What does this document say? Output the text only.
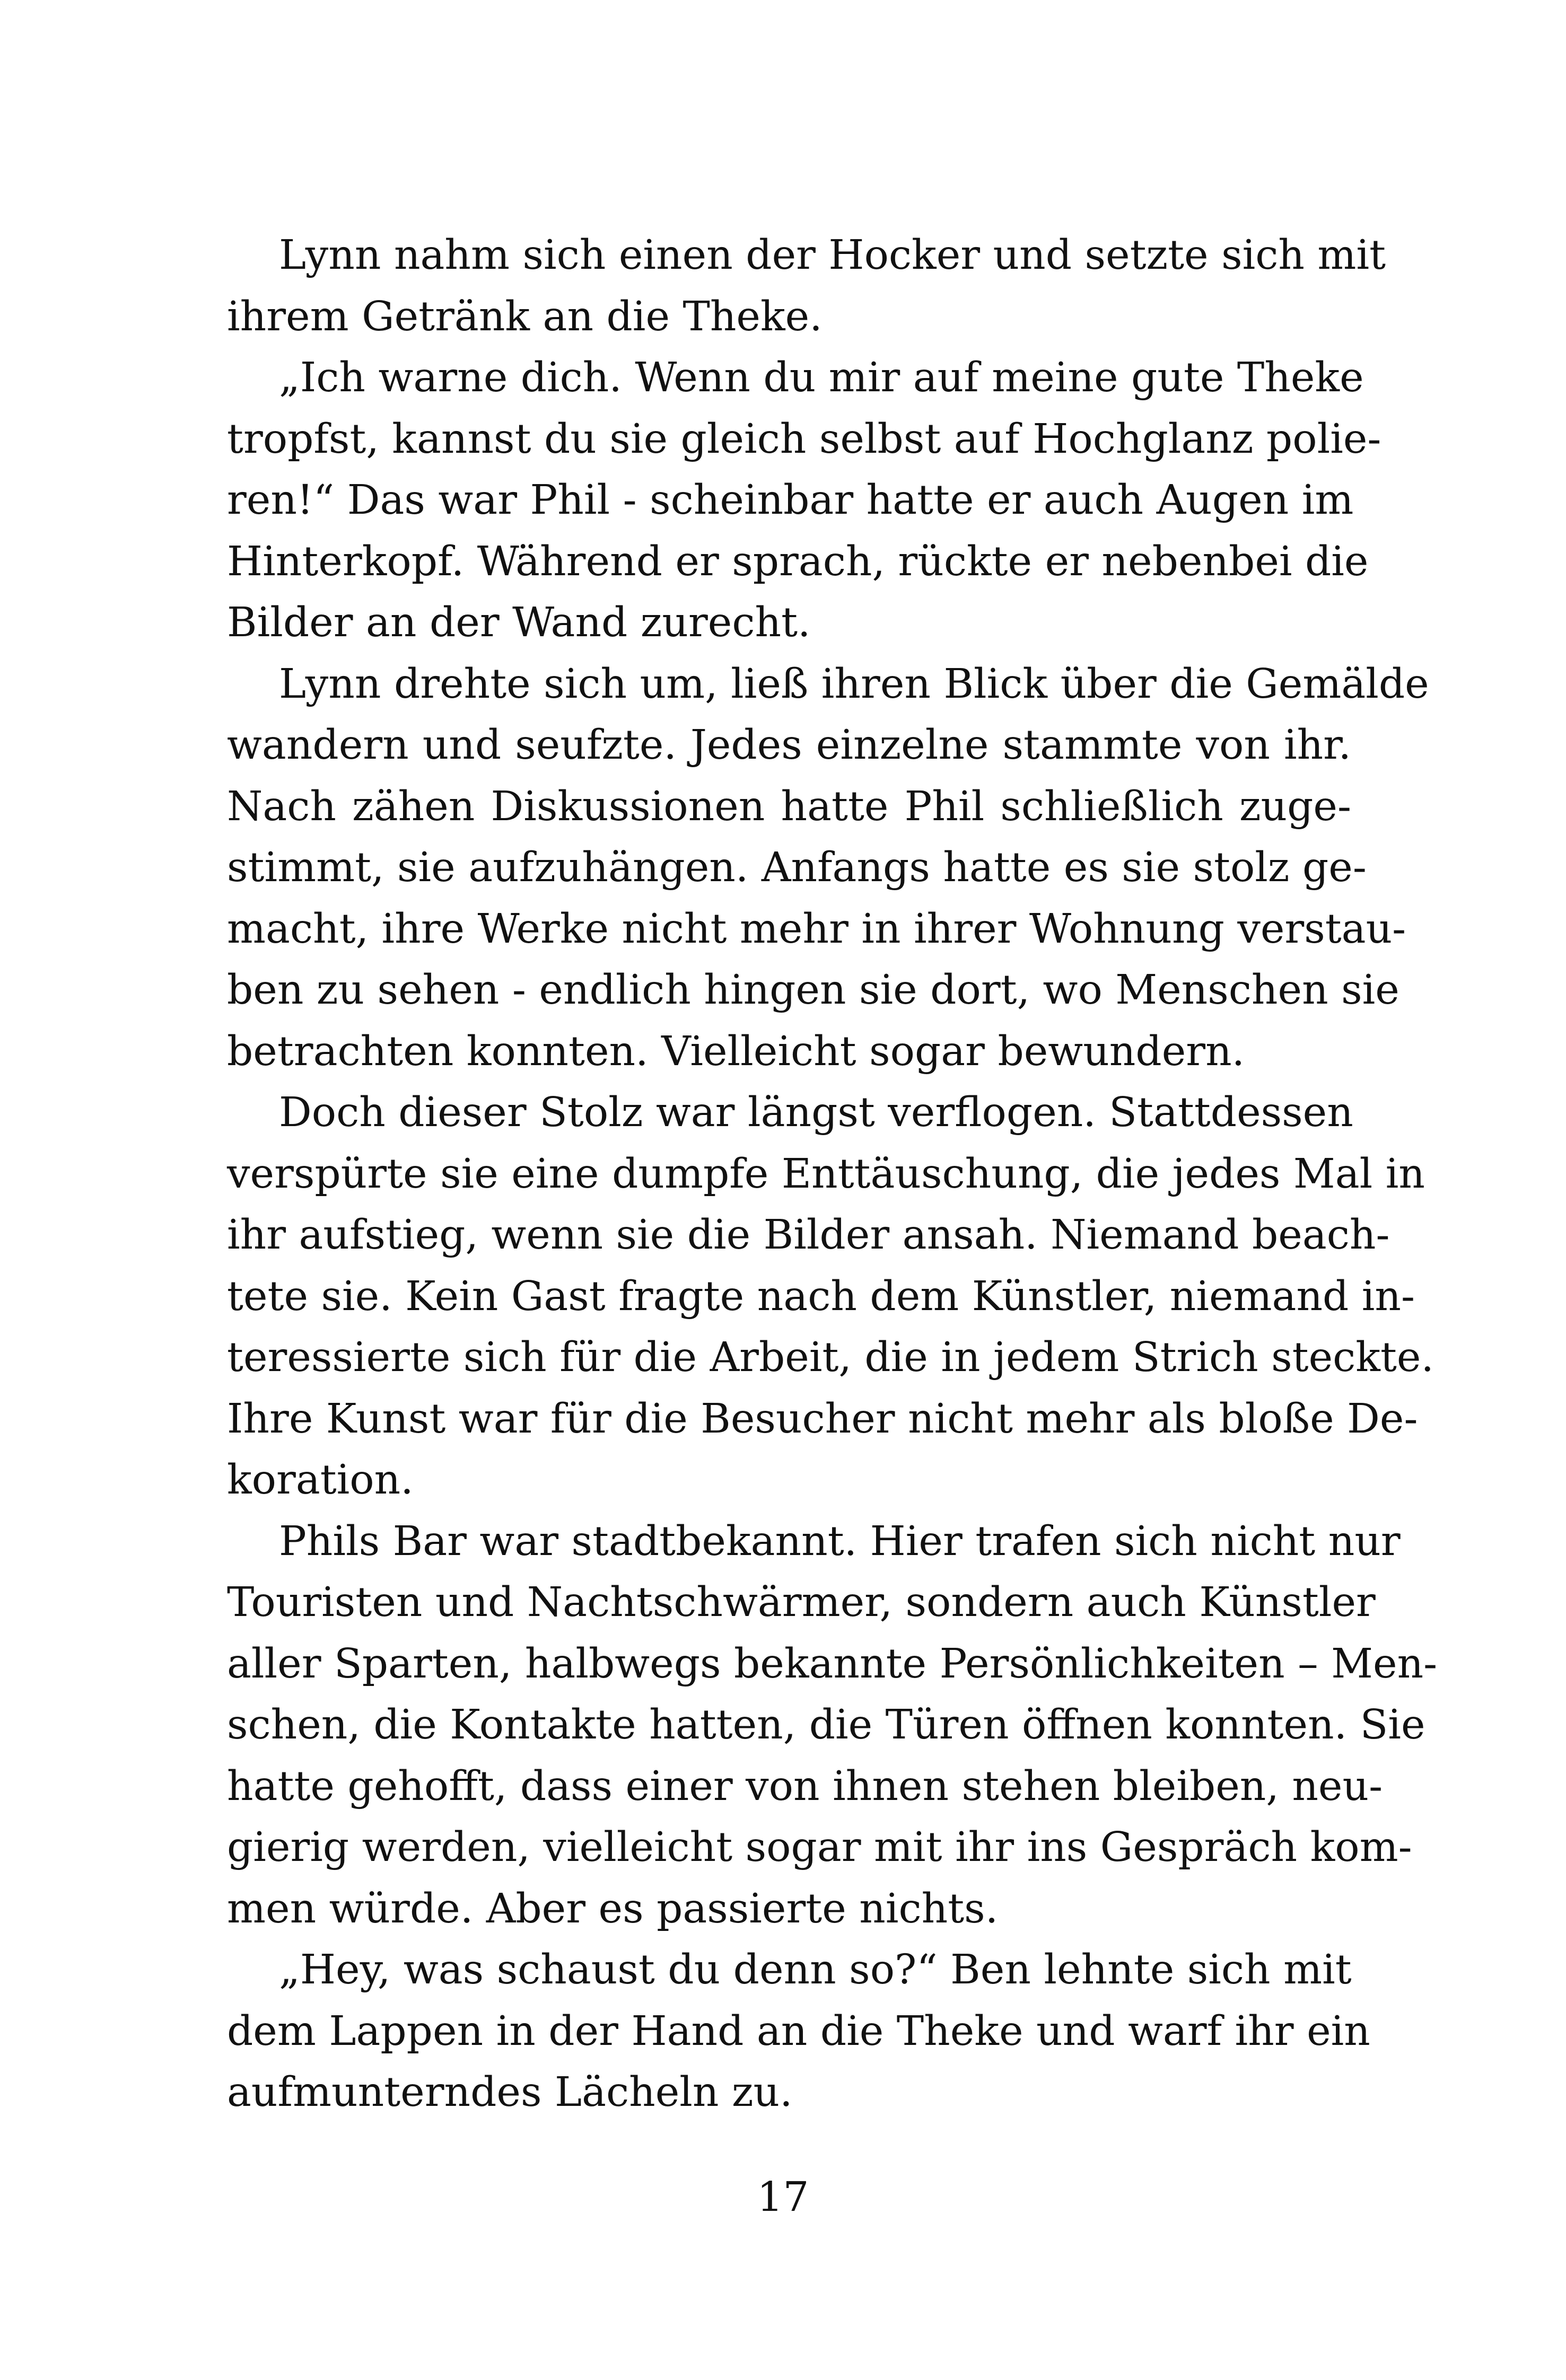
Lynn nahm sich einen der Hocker und setzte sich mit
ihrem Getränk an die Theke.
„Ich warne dich. Wenn du mir auf meine gute Theke
tropfst, kannst du sie gleich selbst auf Hochglanz polie-
ren!“ Das war Phil - scheinbar hatte er auch Augen im
Hinterkopf. Während er sprach, rückte er nebenbei die
Bilder an der Wand zurecht.
Lynn drehte sich um, ließ ihren Blick über die Gemälde
wandern und seufzte. Jedes einzelne stammte von ihr.
Nach zähen Diskussionen hatte Phil schließlich zuge-
stimmt, sie aufzuhängen. Anfangs hatte es sie stolz ge-
macht, ihre Werke nicht mehr in ihrer Wohnung verstau-
ben zu sehen - endlich hingen sie dort, wo Menschen sie
betrachten konnten. Vielleicht sogar bewundern.
Doch dieser Stolz war längst verflogen. Stattdessen
verspürte sie eine dumpfe Enttäuschung, die jedes Mal in
ihr aufstieg, wenn sie die Bilder ansah. Niemand beach-
tete sie. Kein Gast fragte nach dem Künstler, niemand in-
teressierte sich für die Arbeit, die in jedem Strich steckte.
Ihre Kunst war für die Besucher nicht mehr als bloße De-
koration.
Phils Bar war stadtbekannt. Hier trafen sich nicht nur
Touristen und Nachtschwärmer, sondern auch Künstler
aller Sparten, halbwegs bekannte Persönlichkeiten – Men-
schen, die Kontakte hatten, die Türen öffnen konnten. Sie
hatte gehofft, dass einer von ihnen stehen bleiben, neu-
gierig werden, vielleicht sogar mit ihr ins Gespräch kom-
men würde. Aber es passierte nichts.
„Hey, was schaust du denn so?“ Ben lehnte sich mit
dem Lappen in der Hand an die Theke und warf ihr ein
aufmunterndes Lächeln zu.
17
